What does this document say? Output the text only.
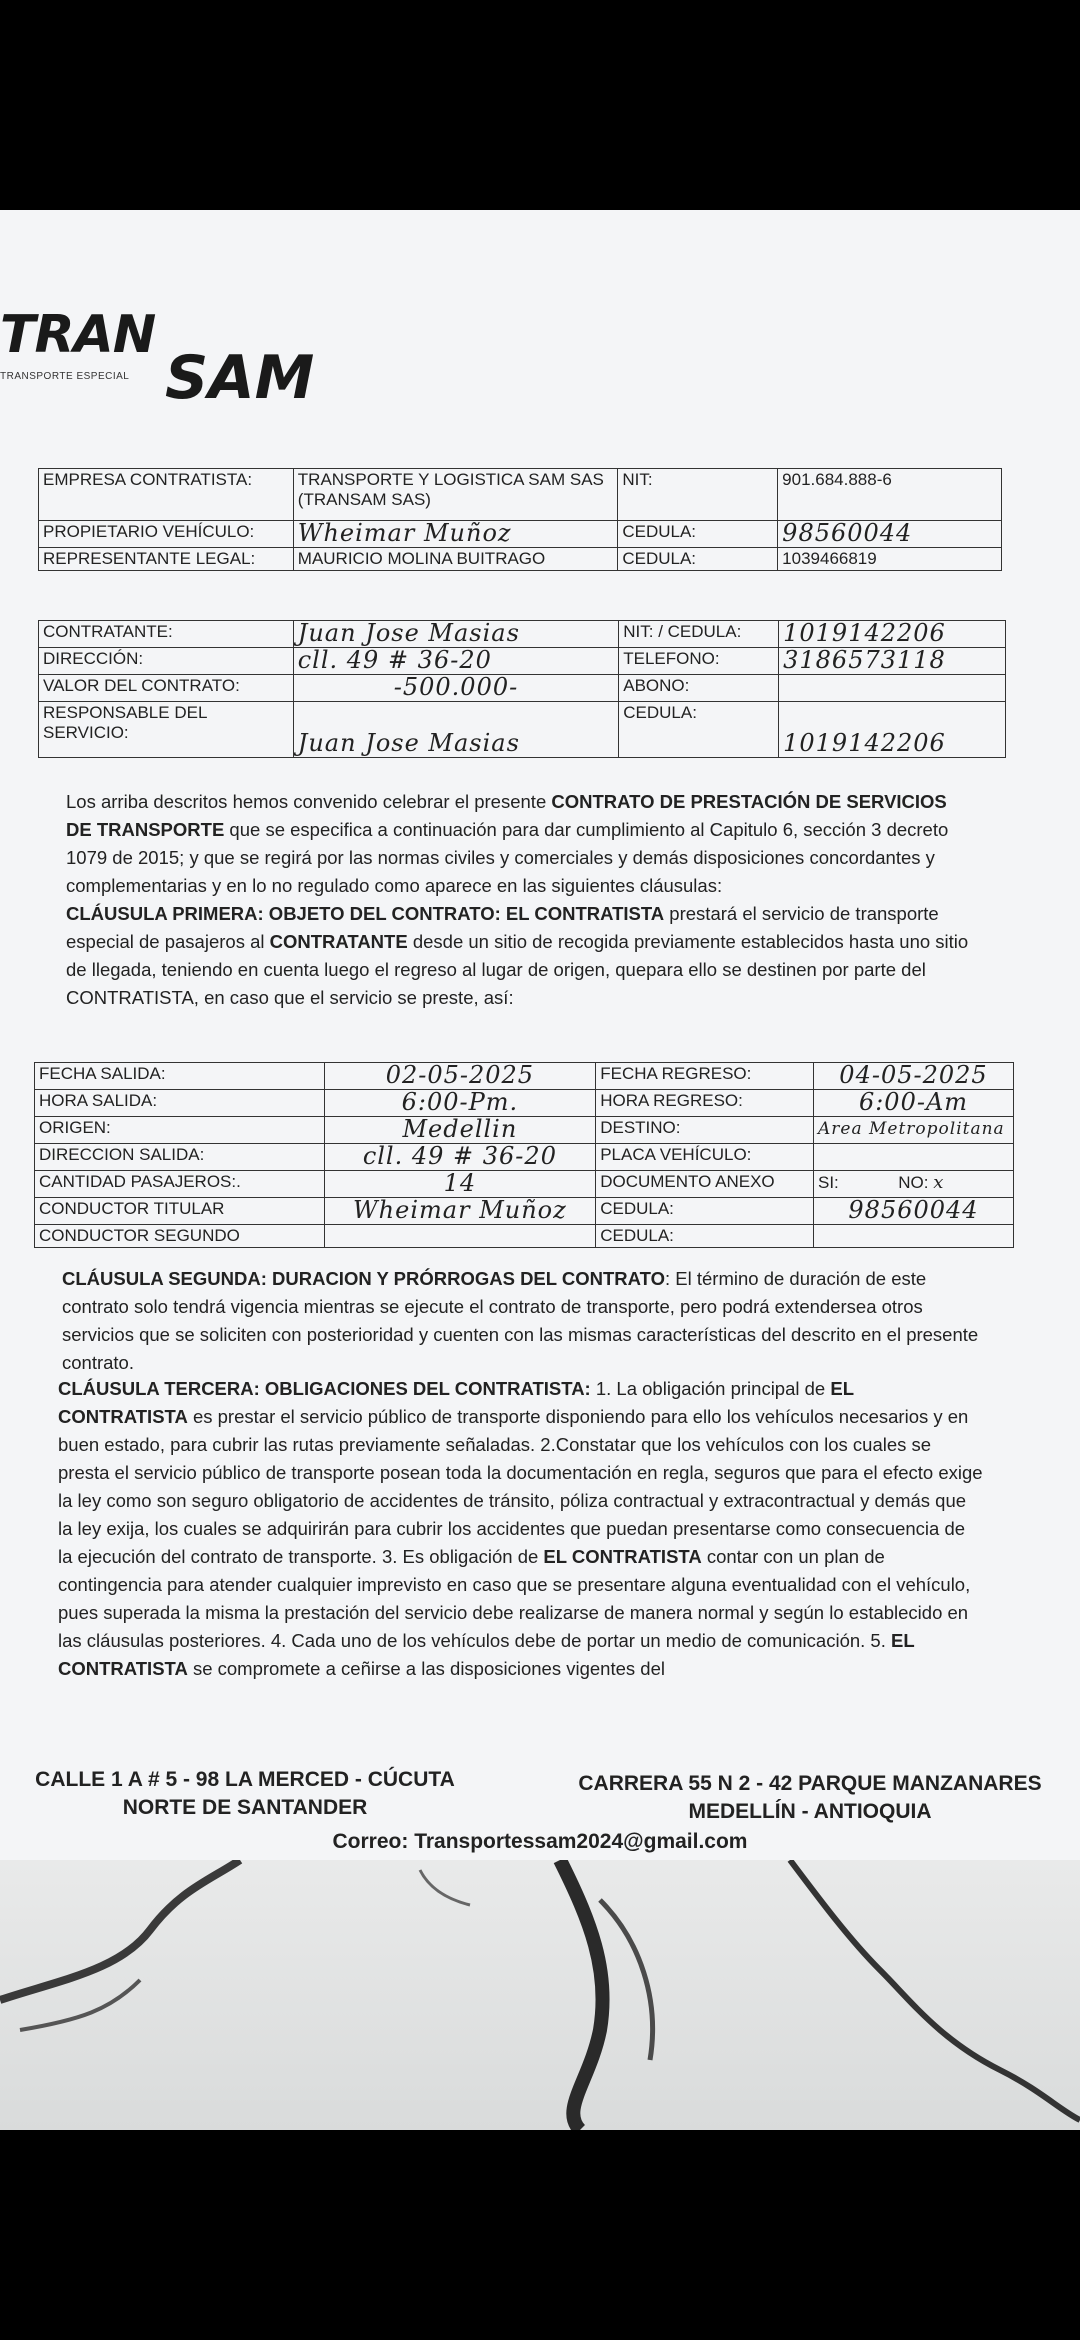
TRAN
TRANSPORTE ESPECIAL SAM
EMPRESA CONTRATISTA:	TRANSPORTE Y LOGISTICA SAM SAS (TRANSAM SAS)	NIT:	901.684.888-6
PROPIETARIO VEHÍCULO:	Wheimar Muñoz	CEDULA:	98560044
REPRESENTANTE LEGAL:	MAURICIO MOLINA BUITRAGO	CEDULA:	1039466819
CONTRATANTE:	Juan Jose Masias	NIT: / CEDULA:	1019142206
DIRECCIÓN:	cll. 49 # 36-20	TELEFONO:	3186573118
VALOR DEL CONTRATO:	-500.000-	ABONO:	
RESPONSABLE DEL SERVICIO:	Juan Jose Masias	CEDULA:	1019142206
Los arriba descritos hemos convenido celebrar el presente CONTRATO DE PRESTACIÓN DE SERVICIOS DE TRANSPORTE que se especifica a continuación para dar cumplimiento al Capitulo 6, sección 3 decreto 1079 de 2015; y que se regirá por las normas civiles y comerciales y demás disposiciones concordantes y complementarias y en lo no regulado como aparece en las siguientes cláusulas:
CLÁUSULA PRIMERA: OBJETO DEL CONTRATO: EL CONTRATISTA prestará el servicio de transporte especial de pasajeros al CONTRATANTE desde un sitio de recogida previamente establecidos hasta uno sitio de llegada, teniendo en cuenta luego el regreso al lugar de origen, quepara ello se destinen por parte del CONTRATISTA, en caso que el servicio se preste, así:
FECHA SALIDA:	02-05-2025	FECHA REGRESO:	04-05-2025
HORA SALIDA:	6:00-Pm.	HORA REGRESO:	6:00-Am
ORIGEN:	Medellin	DESTINO:	Area Metropolitana
DIRECCION SALIDA:	cll. 49 # 36-20	PLACA VEHÍCULO:	
CANTIDAD PASAJEROS:.	14	DOCUMENTO ANEXO	SI: NO: x
CONDUCTOR TITULAR	Wheimar Muñoz	CEDULA:	98560044
CONDUCTOR SEGUNDO		CEDULA:	
CLÁUSULA SEGUNDA: DURACION Y PRÓRROGAS DEL CONTRATO: El término de duración de este contrato solo tendrá vigencia mientras se ejecute el contrato de transporte, pero podrá extendersea otros servicios que se soliciten con posterioridad y cuenten con las mismas características del descrito en el presente contrato.
CLÁUSULA TERCERA: OBLIGACIONES DEL CONTRATISTA: 1. La obligación principal de EL CONTRATISTA es prestar el servicio público de transporte disponiendo para ello los vehículos necesarios y en buen estado, para cubrir las rutas previamente señaladas. 2.Constatar que los vehículos con los cuales se presta el servicio público de transporte posean toda la documentación en regla, seguros que para el efecto exige la ley como son seguro obligatorio de accidentes de tránsito, póliza contractual y extracontractual y demás que la ley exija, los cuales se adquirirán para cubrir los accidentes que puedan presentarse como consecuencia de la ejecución del contrato de transporte. 3. Es obligación de EL CONTRATISTA contar con un plan de contingencia para atender cualquier imprevisto en caso que se presentare alguna eventualidad con el vehículo, pues superada la misma la prestación del servicio debe realizarse de manera normal y según lo establecido en las cláusulas posteriores. 4. Cada uno de los vehículos debe de portar un medio de comunicación. 5. EL CONTRATISTA se compromete a ceñirse a las disposiciones vigentes del
CALLE 1 A # 5 - 98 LA MERCED - CÚCUTA
NORTE DE SANTANDER
CARRERA 55 N 2 - 42 PARQUE MANZANARES
MEDELLÍN - ANTIOQUIA
Correo: Transportessam2024@gmail.com
